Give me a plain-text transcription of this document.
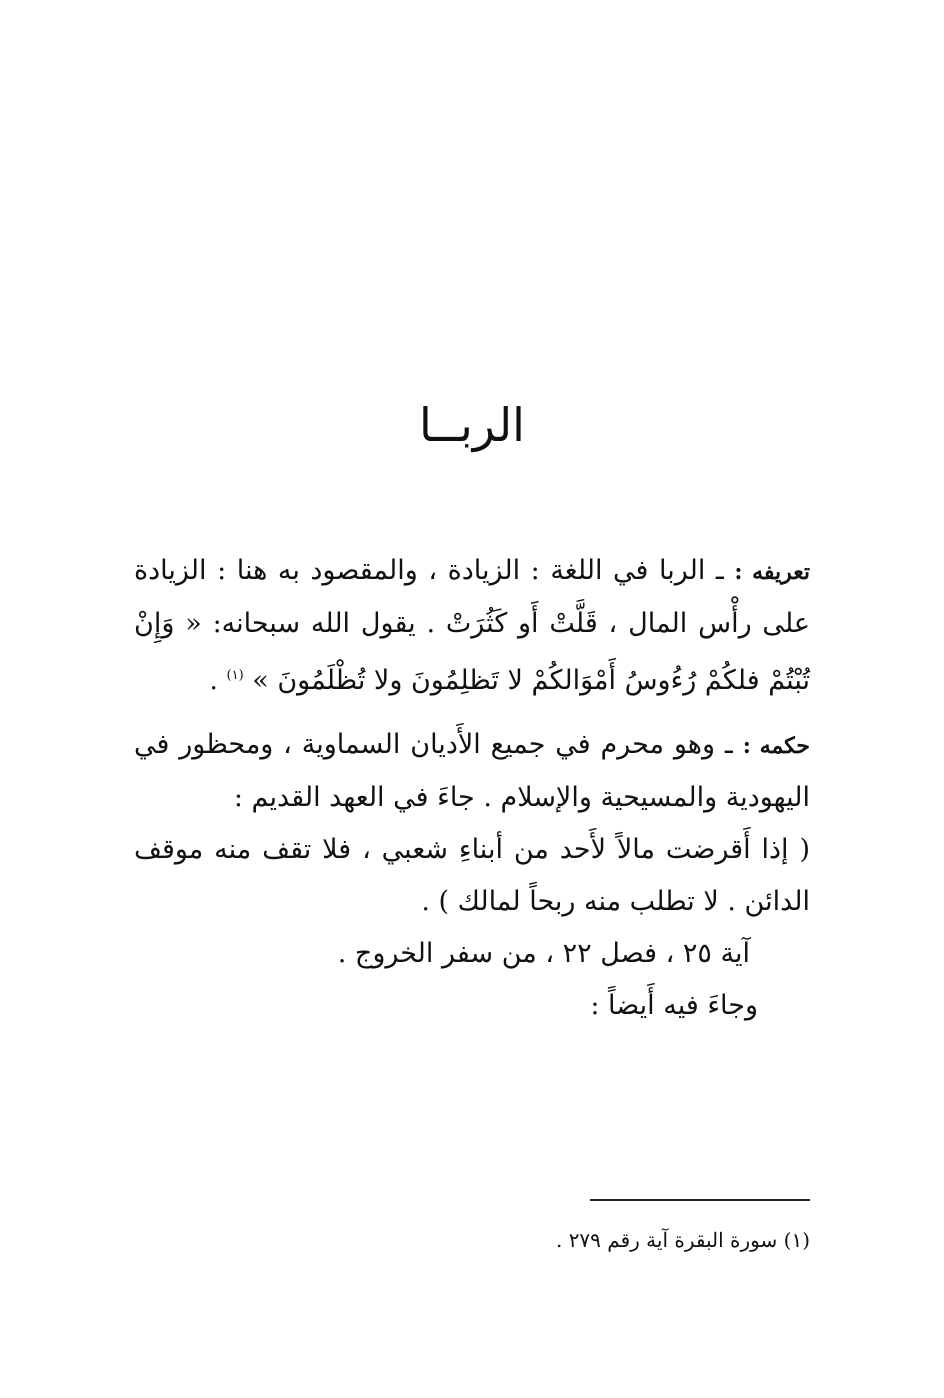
الربــا

تعريفه : ـ الربا في اللغة : الزيادة ، والمقصود به هنا : الزيادة على رأْس المال ، قَلَّتْ أَو كَثُرَتْ . يقول الله سبحانه: « وَإِنْ تُبْتُمْ فلكُمْ رُءُوسُ أَمْوَالكُمْ لا تَظلِمُونَ ولا تُظْلَمُونَ » $^{(١)}$ .

حكمه : ـ وهو محرم في جميع الأَديان السماوية ، ومحظور في اليهودية والمسيحية والإسلام . جاءَ في العهد القديم :

( إذا أَقرضت مالاً لأَحد من أبناءِ شعبي ، فلا تقف منه موقف الدائن . لا تطلب منه ربحاً لمالك ) .

آية ٢٥ ، فصل ٢٢ ، من سفر الخروج .

وجاءَ فيه أَيضاً :

(١) سورة البقرة آية رقم ٢٧٩ .
